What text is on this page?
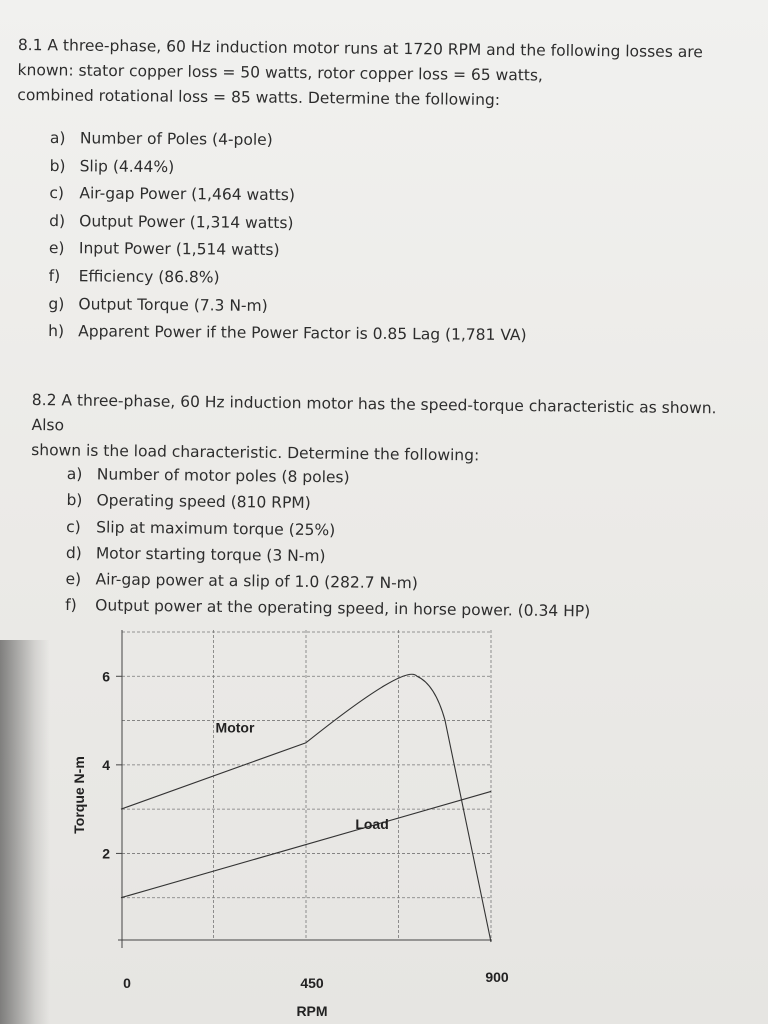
8.1 A three-phase, 60 Hz induction motor runs at 1720 RPM and the following losses are
known: stator copper loss = 50 watts, rotor copper loss = 65 watts,
combined rotational loss = 85 watts. Determine the following:
a) Number of Poles (4-pole)
b) Slip (4.44%)
c) Air-gap Power (1,464 watts)
d) Output Power (1,314 watts)
e) Input Power (1,514 watts)
f) Efficiency (86.8%)
g) Output Torque (7.3 N-m)
h) Apparent Power if the Power Factor is 0.85 Lag (1,781 VA)
8.2 A three-phase, 60 Hz induction motor has the speed-torque characteristic as shown. Also
shown is the load characteristic. Determine the following:
a) Number of motor poles (8 poles)
b) Operating speed (810 RPM)
c) Slip at maximum torque (25%)
d) Motor starting torque (3 N-m)
e) Air-gap power at a slip of 1.0 (282.7 N-m)
f) Output power at the operating speed, in horse power. (0.34 HP)
2
4
6
0	450	900
RPM
Torque N-m
Motor
Load
